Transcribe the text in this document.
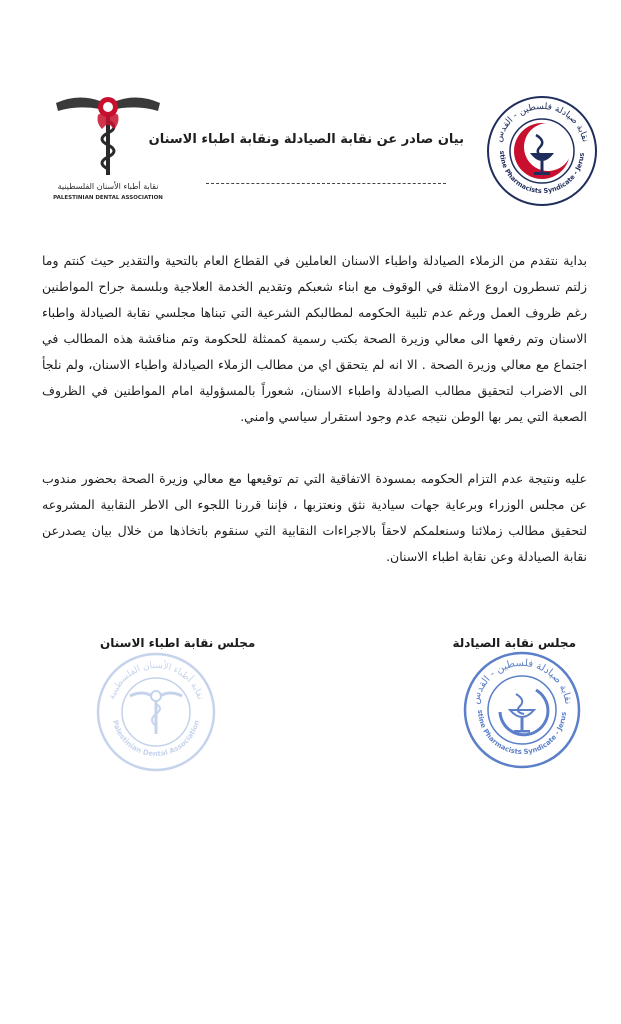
نقابة أطباء الأسنان الفلسطينية
PALESTINIAN DENTAL ASSOCIATION
بيان صادر عن نقابة الصيادلة ونقابة اطباء الاسنان	نقابة صيادلة فلسطين - القدس
stine Pharmacists Syndicate - Jerus
بداية نتقدم من الزملاء الصيادلة واطباء الاسنان العاملين في القطاع العام بالتحية والتقدير حيث كنتم وما زلتم تسطرون اروع الامثلة في الوقوف مع ابناء شعبكم وتقديم الخدمة العلاجية وبلسمة جراح المواطنين رغم ظروف العمل ورغم عدم تلبية الحكومه لمطالبكم الشرعية التي تبناها مجلسي نقابة الصيادلة واطباء الاسنان وتم رفعها الى معالي وزيرة الصحة بكتب رسمية كممثلة للحكومة وتم مناقشة هذه المطالب في اجتماع مع معالي وزيرة الصحة . الا انه لم يتحقق اي من مطالب الزملاء الصيادلة واطباء الاسنان، ولم نلجأ الى الاضراب لتحقيق مطالب الصيادلة واطباء الاسنان، شعوراً بالمسؤولية امام المواطنين في الظروف الصعبة التي يمر بها الوطن نتيجه عدم وجود استقرار سياسي وامني.
عليه ونتيجة عدم التزام الحكومه بمسودة الاتفاقية التي تم توقيعها مع معالي وزيرة الصحة بحضور مندوب عن مجلس الوزراء وبرعاية جهات سيادية نثق ونعتزبها ، فإننا قررنا اللجوء الى الاطر النقابية المشروعه لتحقيق مطالب زملائنا وسنعلمكم لاحقاً بالاجراءات النقابية التي سنقوم باتخاذها من خلال بيان يصدرعن نقابة الصيادلة وعن نقابة اطباء الاسنان.
مجلس نقابة الصيادلة
مجلس نقابة اطباء الاسنان
نقابة صيادلة فلسطين - القدس
stine Pharmacists Syndicate - Jerus
نقابة أطباء الأسنان الفلسطينية
Palestinian Dental Association
